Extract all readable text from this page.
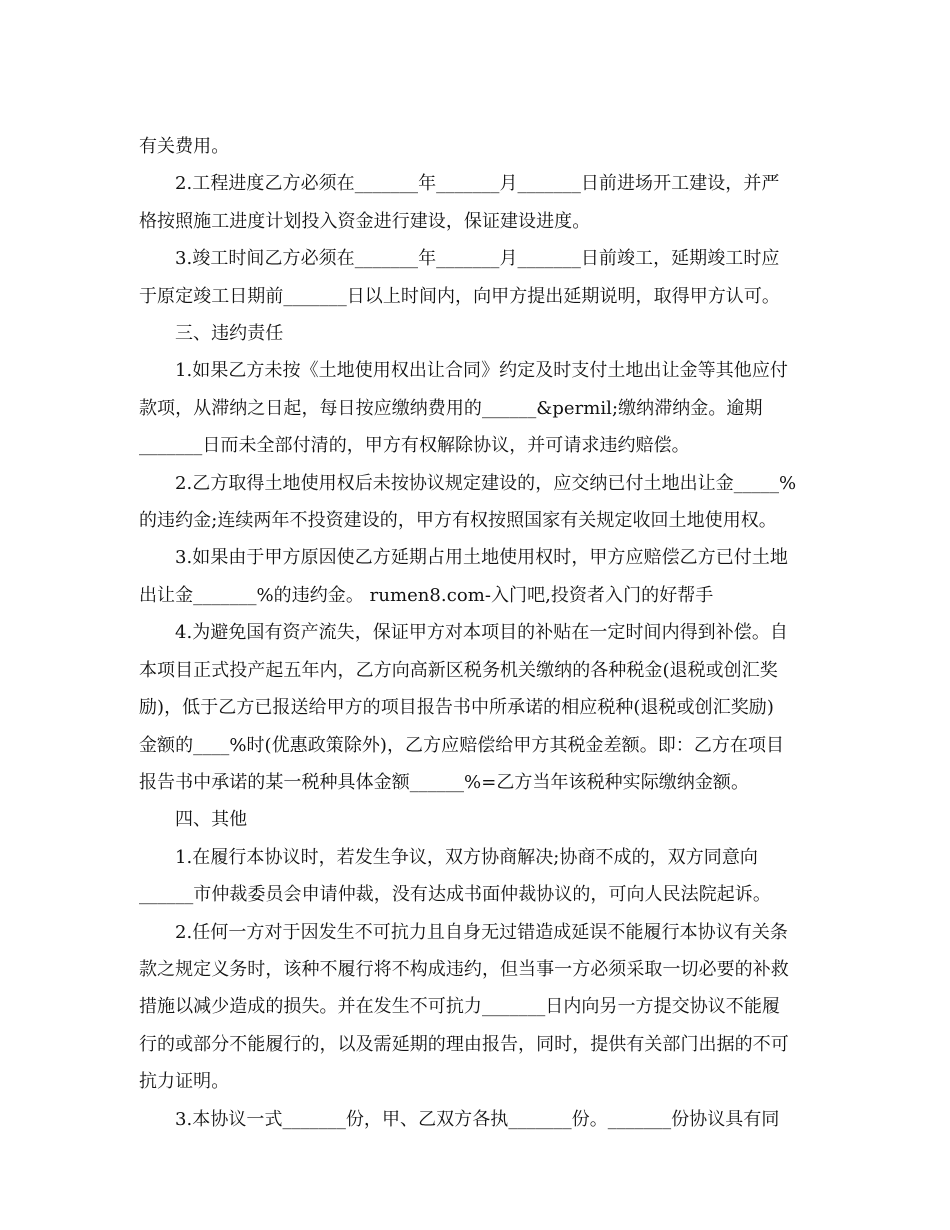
有关费用。

2.工程进度乙方必须在_______年_______月_______日前进场开工建设，并严

格按照施工进度计划投入资金进行建设，保证建设进度。

3.竣工时间乙方必须在_______年_______月_______日前竣工，延期竣工时应

于原定竣工日期前_______日以上时间内，向甲方提出延期说明，取得甲方认可。

三、违约责任

1.如果乙方未按《土地使用权出让合同》约定及时支付土地出让金等其他应付

款项，从滞纳之日起，每日按应缴纳费用的______&permil;缴纳滞纳金。逾期

_______日而未全部付清的，甲方有权解除协议，并可请求违约赔偿。

2.乙方取得土地使用权后未按协议规定建设的，应交纳已付土地出让金_____%

的违约金;连续两年不投资建设的，甲方有权按照国家有关规定收回土地使用权。

3.如果由于甲方原因使乙方延期占用土地使用权时，甲方应赔偿乙方已付土地

出让金_______%的违约金。 rumen8.com-入门吧,投资者入门的好帮手

4.为避免国有资产流失，保证甲方对本项目的补贴在一定时间内得到补偿。自

本项目正式投产起五年内，乙方向高新区税务机关缴纳的各种税金(退税或创汇奖

励)，低于乙方已报送给甲方的项目报告书中所承诺的相应税种(退税或创汇奖励)

金额的____%时(优惠政策除外)，乙方应赔偿给甲方其税金差额。即：乙方在项目

报告书中承诺的某一税种具体金额______%=乙方当年该税种实际缴纳金额。

四、其他

1.在履行本协议时，若发生争议，双方协商解决;协商不成的，双方同意向

______市仲裁委员会申请仲裁，没有达成书面仲裁协议的，可向人民法院起诉。

2.任何一方对于因发生不可抗力且自身无过错造成延误不能履行本协议有关条

款之规定义务时，该种不履行将不构成违约，但当事一方必须采取一切必要的补救

措施以减少造成的损失。并在发生不可抗力_______日内向另一方提交协议不能履

行的或部分不能履行的，以及需延期的理由报告，同时，提供有关部门出据的不可

抗力证明。

3.本协议一式_______份，甲、乙双方各执_______份。_______份协议具有同
